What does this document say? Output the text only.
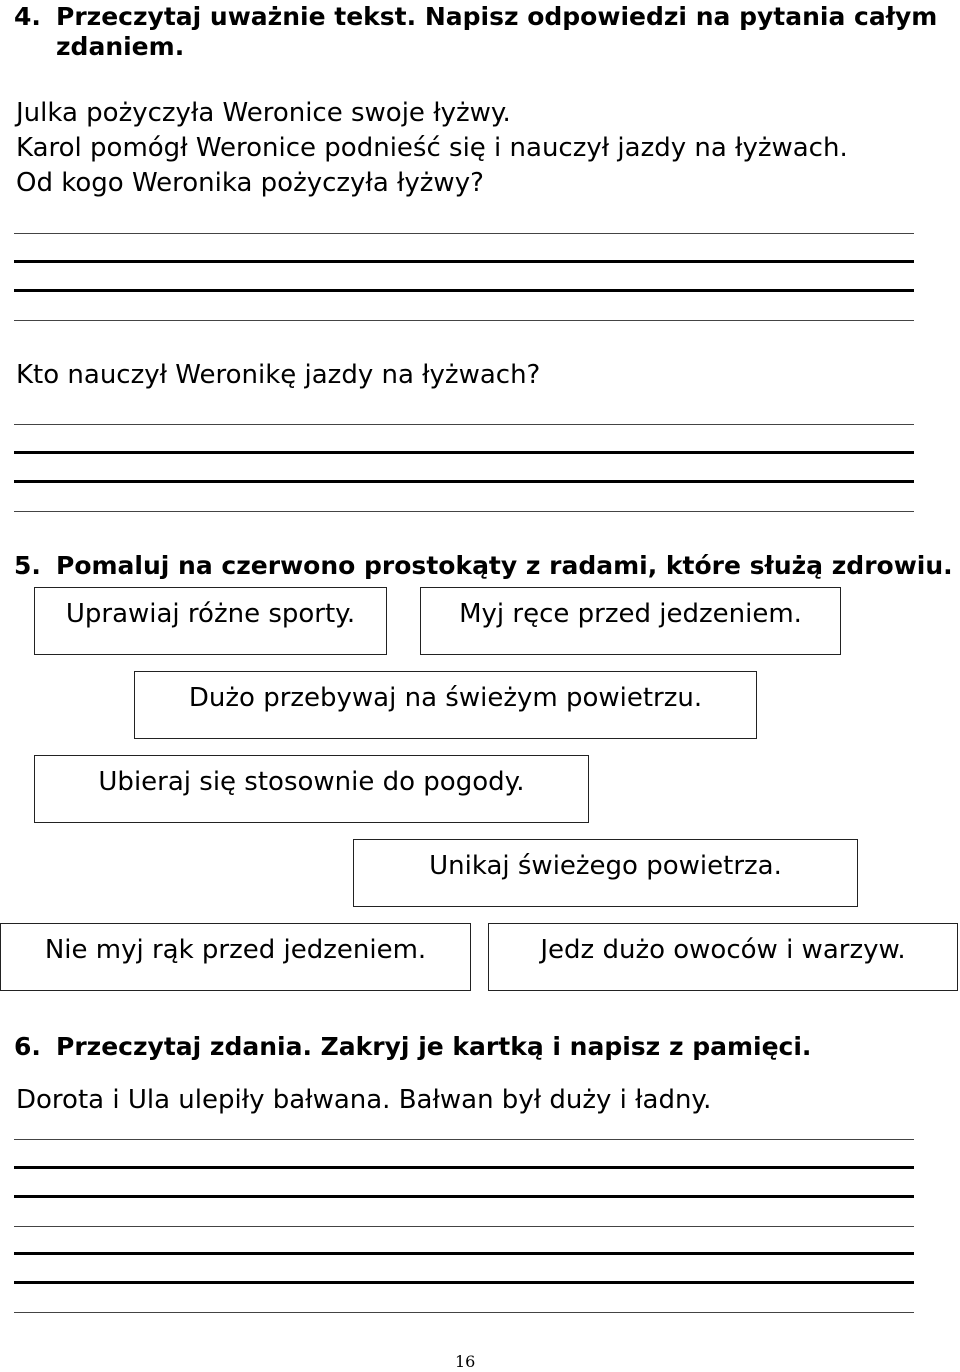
4. Przeczytaj uważnie tekst. Napisz odpowiedzi na pytania całym
zdaniem.
Julka pożyczyła Weronice swoje łyżwy.
Karol pomógł Weronice podnieść się i nauczył jazdy na łyżwach.
Od kogo Weronika pożyczyła łyżwy?
Kto nauczył Weronikę jazdy na łyżwach?
5. Pomaluj na czerwono prostokąty z radami, które służą zdrowiu.
Uprawiaj różne sporty.	Myj ręce przed jedzeniem.
Dużo przebywaj na świeżym powietrzu.
Ubieraj się stosownie do pogody.
Unikaj świeżego powietrza.
Nie myj rąk przed jedzeniem.	Jedz dużo owoców i warzyw.
6. Przeczytaj zdania. Zakryj je kartką i napisz z pamięci.
Dorota i Ula ulepiły bałwana. Bałwan był duży i ładny.
16
